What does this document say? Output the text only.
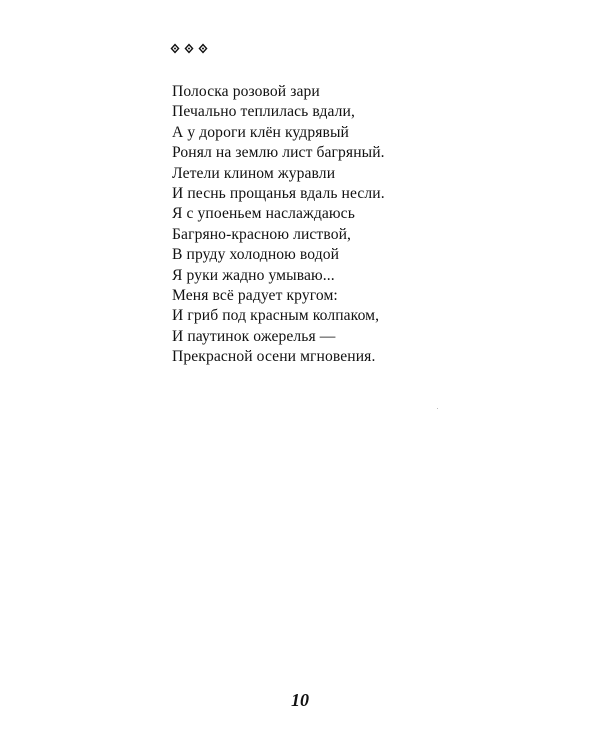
Полоска розовой зари
Печально теплилась вдали,
А у дороги клён кудрявый
Ронял на землю лист багряный.
Летели клином журавли
И песнь прощанья вдаль несли.
Я с упоеньем наслаждаюсь
Багряно-красною листвой,
В пруду холодною водой
Я руки жадно умываю...
Меня всё радует кругом:
И гриб под красным колпаком,
И паутинок ожерелья —
Прекрасной осени мгновения.
10
